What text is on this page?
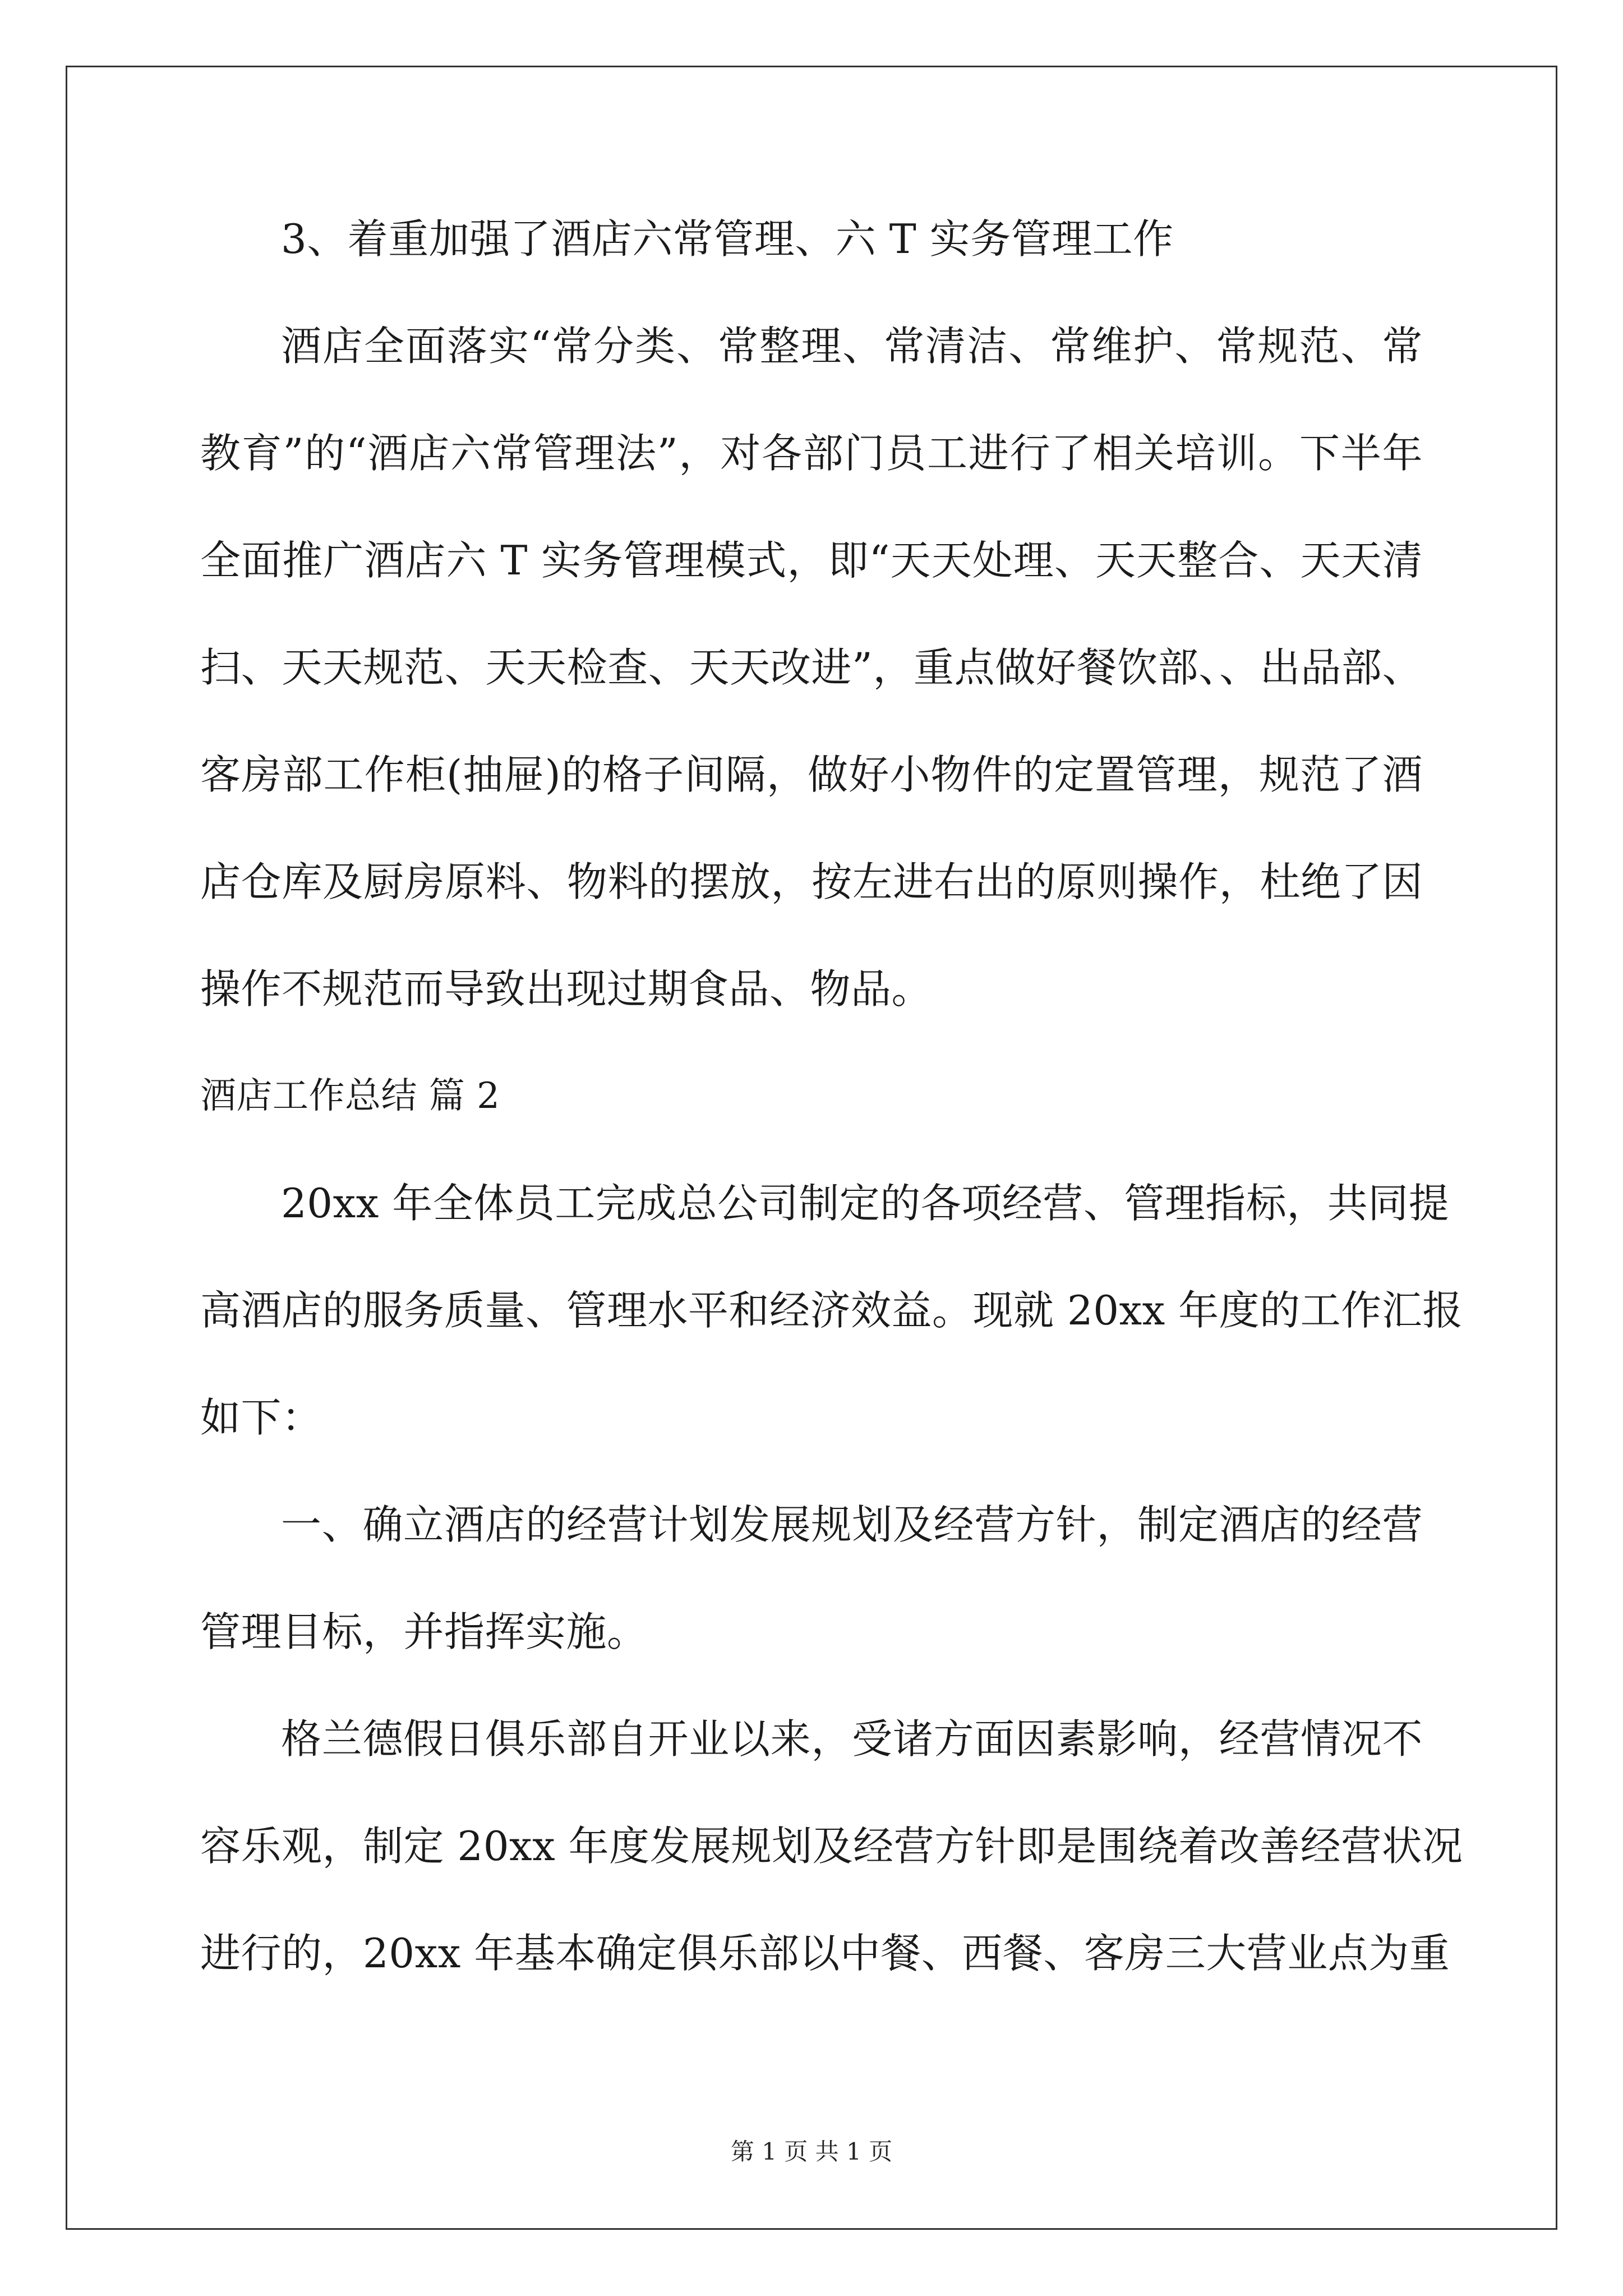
3、着重加强了酒店六常管理、六 T 实务管理工作
酒店全面落实“常分类、常整理、常清洁、常维护、常规范、常
教育”的“酒店六常管理法”，对各部门员工进行了相关培训。下半年
全面推广酒店六 T 实务管理模式，即“天天处理、天天整合、天天清
扫、天天规范、天天检查、天天改进”，重点做好餐饮部、、出品部、
客房部工作柜(抽屉)的格子间隔，做好小物件的定置管理，规范了酒
店仓库及厨房原料、物料的摆放，按左进右出的原则操作，杜绝了因
操作不规范而导致出现过期食品、物品。
酒店工作总结 篇 2
20xx 年全体员工完成总公司制定的各项经营、管理指标，共同提
高酒店的服务质量、管理水平和经济效益。现就 20xx 年度的工作汇报
如下：
一、确立酒店的经营计划发展规划及经营方针，制定酒店的经营
管理目标，并指挥实施。
格兰德假日俱乐部自开业以来，受诸方面因素影响，经营情况不
容乐观，制定 20xx 年度发展规划及经营方针即是围绕着改善经营状况
进行的，20xx 年基本确定俱乐部以中餐、西餐、客房三大营业点为重
第 1 页 共 1 页
